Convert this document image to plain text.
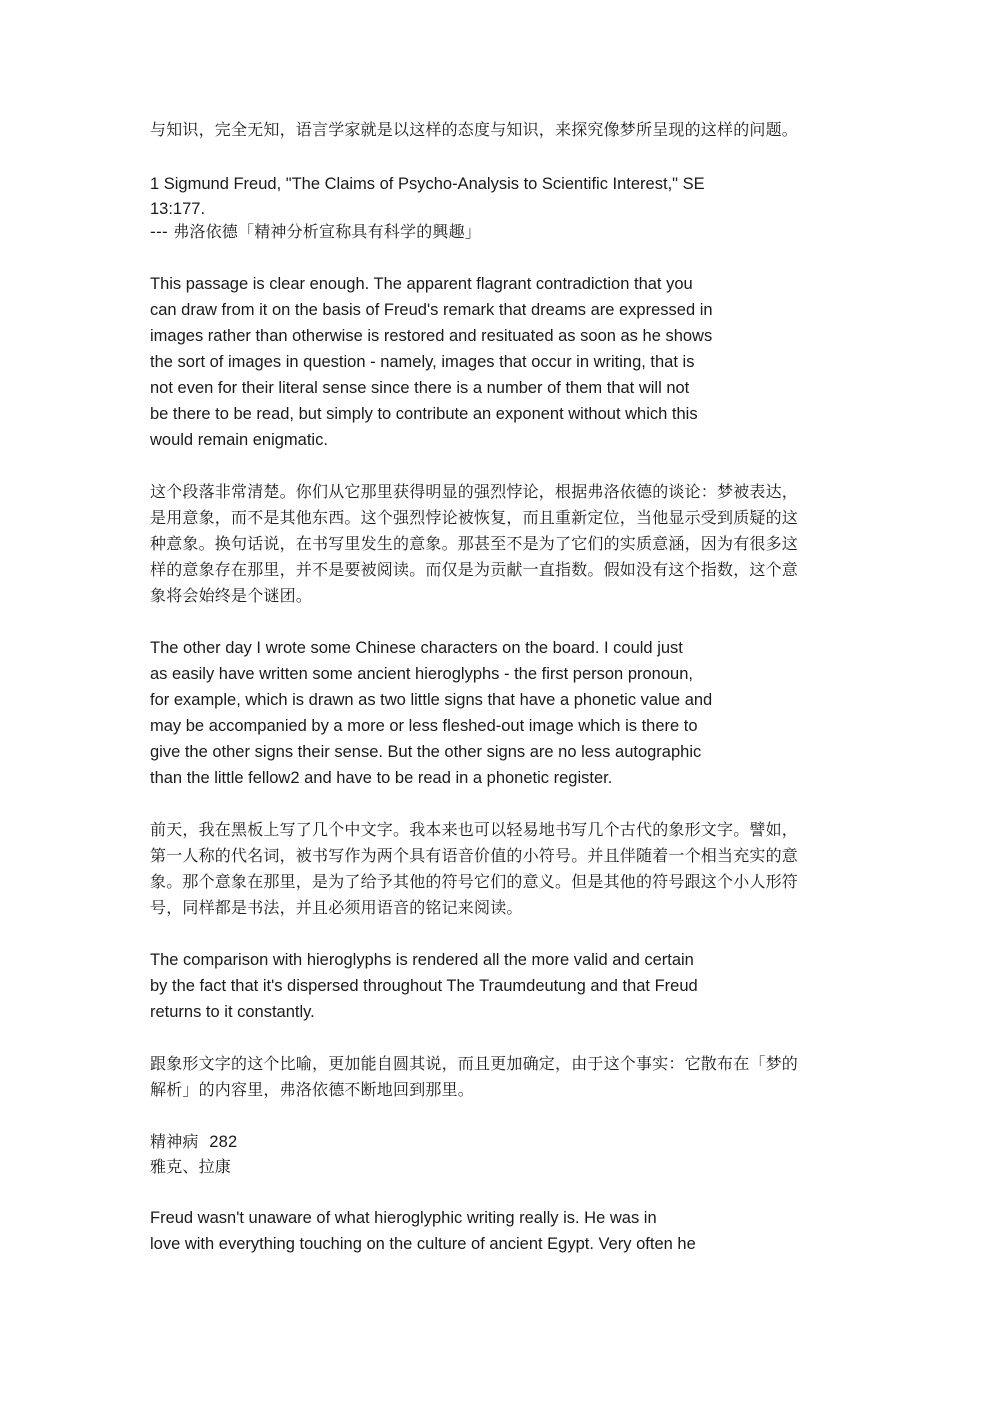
与知识，完全无知，语言学家就是以这样的态度与知识，来探究像梦所呈现的这样的问题。

1 Sigmund Freud, "The Claims of Psycho-Analysis to Scientific Interest," SE
13:177.

--- 弗洛依德「精神分析宣称具有科学的興趣」

This passage is clear enough. The apparent flagrant contradiction that you
can draw from it on the basis of Freud's remark that dreams are expressed in
images rather than otherwise is restored and resituated as soon as he shows
the sort of images in question - namely, images that occur in writing, that is
not even for their literal sense since there is a number of them that will not
be there to be read, but simply to contribute an exponent without which this
would remain enigmatic.

这个段落非常清楚。你们从它那里获得明显的强烈悖论，根据弗洛依德的谈论：梦被表达，
是用意象，而不是其他东西。这个强烈悖论被恢复，而且重新定位，当他显示受到质疑的这
种意象。换句话说，在书写里发生的意象。那甚至不是为了它们的实质意涵，因为有很多这
样的意象存在那里，并不是要被阅读。而仅是为贡献一直指数。假如没有这个指数，这个意
象将会始终是个谜团。

The other day I wrote some Chinese characters on the board. I could just
as easily have written some ancient hieroglyphs - the first person pronoun,
for example, which is drawn as two little signs that have a phonetic value and
may be accompanied by a more or less fleshed-out image which is there to
give the other signs their sense. But the other signs are no less autographic
than the little fellow2 and have to be read in a phonetic register.

前天，我在黑板上写了几个中文字。我本来也可以轻易地书写几个古代的象形文字。譬如，
第一人称的代名词，被书写作为两个具有语音价值的小符号。并且伴随着一个相当充实的意
象。那个意象在那里，是为了给予其他的符号它们的意义。但是其他的符号跟这个小人形符
号，同样都是书法，并且必须用语音的铭记来阅读。

The comparison with hieroglyphs is rendered all the more valid and certain
by the fact that it's dispersed throughout The Traumdeutung and that Freud
returns to it constantly.

跟象形文字的这个比喻，更加能自圆其说，而且更加确定，由于这个事实：它散布在「梦的
解析」的内容里，弗洛依德不断地回到那里。

精神病 282
雅克、拉康

Freud wasn't unaware of what hieroglyphic writing really is. He was in
love with everything touching on the culture of ancient Egypt. Very often he
